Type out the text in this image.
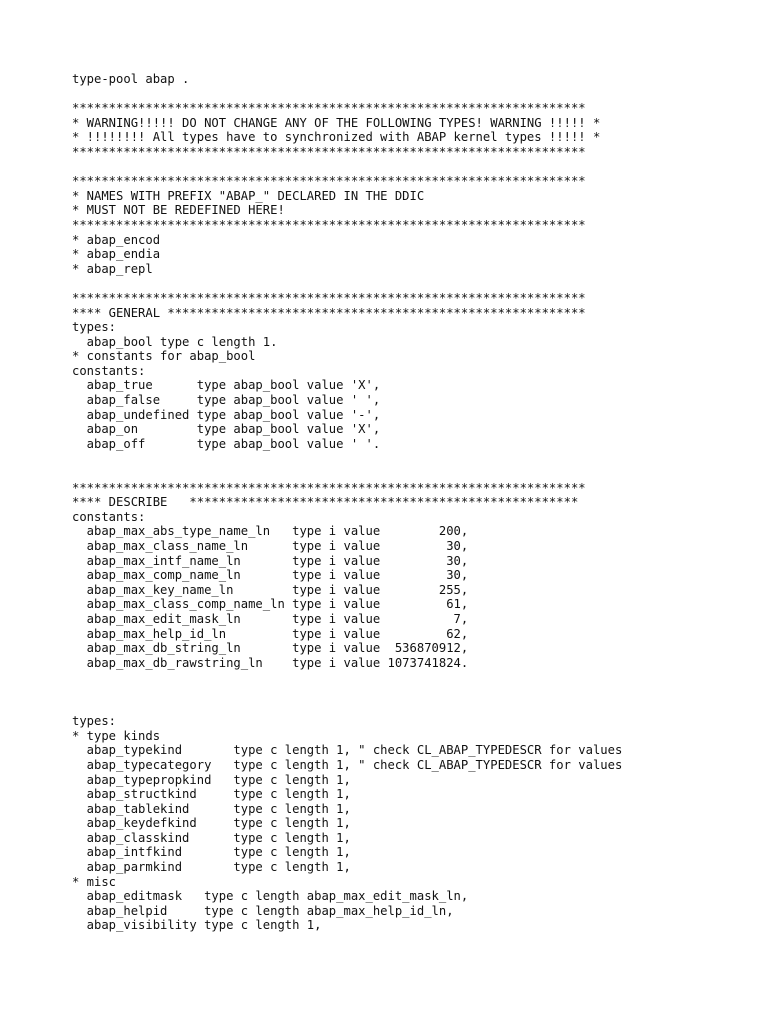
type-pool abap .
**********************************************************************
* WARNING!!!!! DO NOT CHANGE ANY OF THE FOLLOWING TYPES! WARNING !!!!! *
* !!!!!!!! All types have to synchronized with ABAP kernel types !!!!! *
**********************************************************************
**********************************************************************
* NAMES WITH PREFIX "ABAP_" DECLARED IN THE DDIC
* MUST NOT BE REDEFINED HERE!
**********************************************************************
* abap_encod
* abap_endia
* abap_repl
**********************************************************************
**** GENERAL *********************************************************
types:
abap_bool type c length 1.
* constants for abap_bool
constants:
abap_true      type abap_bool value 'X',
abap_false     type abap_bool value ' ',
abap_undefined type abap_bool value '-',
abap_on        type abap_bool value 'X',
abap_off       type abap_bool value ' '.
**********************************************************************
**** DESCRIBE   *****************************************************
constants:
abap_max_abs_type_name_ln   type i value        200,
abap_max_class_name_ln      type i value         30,
abap_max_intf_name_ln       type i value         30,
abap_max_comp_name_ln       type i value         30,
abap_max_key_name_ln        type i value        255,
abap_max_class_comp_name_ln type i value         61,
abap_max_edit_mask_ln       type i value          7,
abap_max_help_id_ln         type i value         62,
abap_max_db_string_ln       type i value  536870912,
abap_max_db_rawstring_ln    type i value 1073741824.
types:
* type kinds
abap_typekind       type c length 1, " check CL_ABAP_TYPEDESCR for values
abap_typecategory   type c length 1, " check CL_ABAP_TYPEDESCR for values
abap_typepropkind   type c length 1,
abap_structkind     type c length 1,
abap_tablekind      type c length 1,
abap_keydefkind     type c length 1,
abap_classkind      type c length 1,
abap_intfkind       type c length 1,
abap_parmkind       type c length 1,
* misc
abap_editmask   type c length abap_max_edit_mask_ln,
abap_helpid     type c length abap_max_help_id_ln,
abap_visibility type c length 1,
